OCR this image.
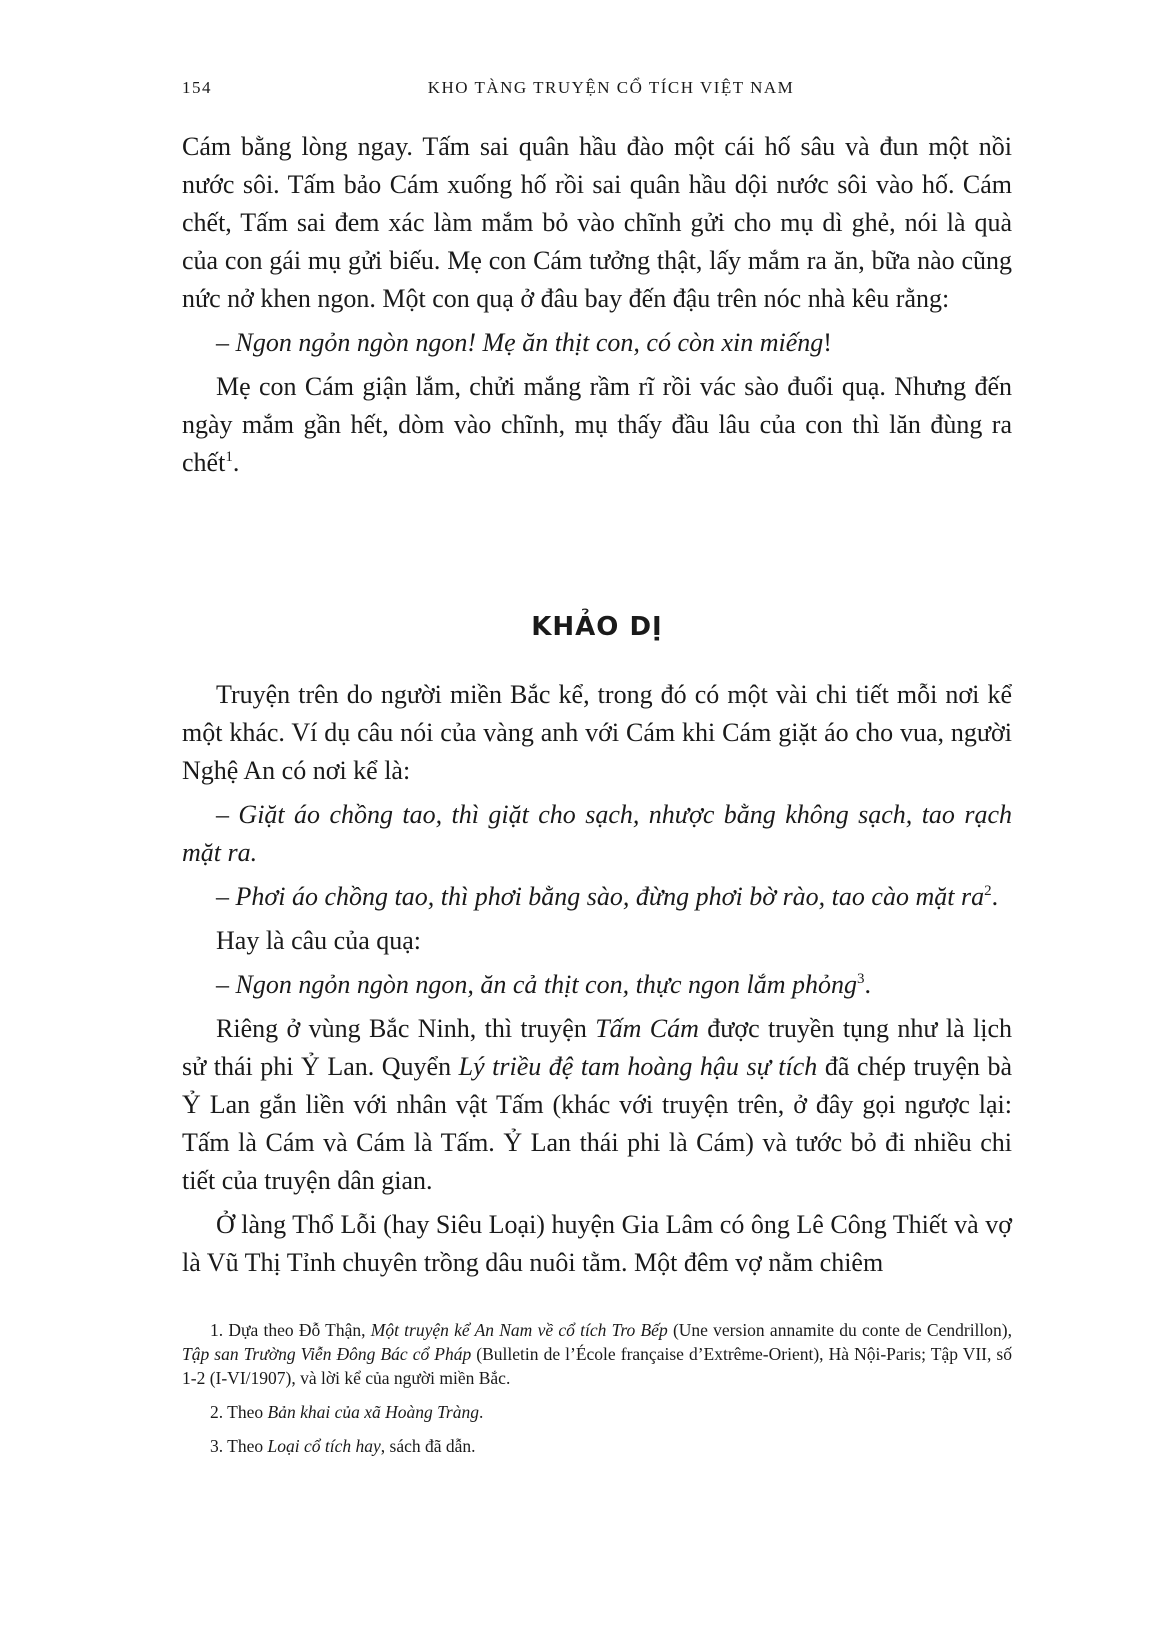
154	KHO TÀNG TRUYỆN CỔ TÍCH VIỆT NAM

Cám bằng lòng ngay. Tấm sai quân hầu đào một cái hố sâu và đun một nồi nước sôi. Tấm bảo Cám xuống hố rồi sai quân hầu dội nước sôi vào hố. Cám chết, Tấm sai đem xác làm mắm bỏ vào chĩnh gửi cho mụ dì ghẻ, nói là quà của con gái mụ gửi biếu. Mẹ con Cám tưởng thật, lấy mắm ra ăn, bữa nào cũng nức nở khen ngon. Một con quạ ở đâu bay đến đậu trên nóc nhà kêu rằng:

– Ngon ngỏn ngòn ngon! Mẹ ăn thịt con, có còn xin miếng!

Mẹ con Cám giận lắm, chửi mắng rầm rĩ rồi vác sào đuổi quạ. Nhưng đến ngày mắm gần hết, dòm vào chĩnh, mụ thấy đầu lâu của con thì lăn đùng ra chết$^1$.

KHẢO DỊ

Truyện trên do người miền Bắc kể, trong đó có một vài chi tiết mỗi nơi kể một khác. Ví dụ câu nói của vàng anh với Cám khi Cám giặt áo cho vua, người Nghệ An có nơi kể là:

– Giặt áo chồng tao, thì giặt cho sạch, nhược bằng không sạch, tao rạch mặt ra.

– Phơi áo chồng tao, thì phơi bằng sào, đừng phơi bờ rào, tao cào mặt $ra^2$.

Hay là câu của quạ:

– Ngon ngỏn ngòn ngon, ăn cả thịt con, thực ngon lắm phỏng$^3$.

Riêng ở vùng Bắc Ninh, thì truyện Tấm Cám được truyền tụng như là lịch sử thái phi Ỷ Lan. Quyển Lý triều đệ tam hoàng hậu sự tích đã chép truyện bà Ỷ Lan gắn liền với nhân vật Tấm (khác với truyện trên, ở đây gọi ngược lại: Tấm là Cám và Cám là Tấm. Ỷ Lan thái phi là Cám) và tước bỏ đi nhiều chi tiết của truyện dân gian.

Ở làng Thổ Lỗi (hay Siêu Loại) huyện Gia Lâm có ông Lê Công Thiết và vợ là Vũ Thị Tỉnh chuyên trồng dâu nuôi tằm. Một đêm vợ nằm chiêm

1. Dựa theo Đỗ Thận, Một truyện kể An Nam về cổ tích Tro Bếp (Une version annamite du conte de Cendrillon), Tập san Trường Viễn Đông Bác cổ Pháp (Bulletin de l’École française d’Extrême-Orient), Hà Nội-Paris; Tập VII, số 1-2 (I-VI/1907), và lời kể của người miền Bắc.

2. Theo Bản khai của xã Hoàng Tràng.

3. Theo Loại cổ tích hay, sách đã dẫn.
